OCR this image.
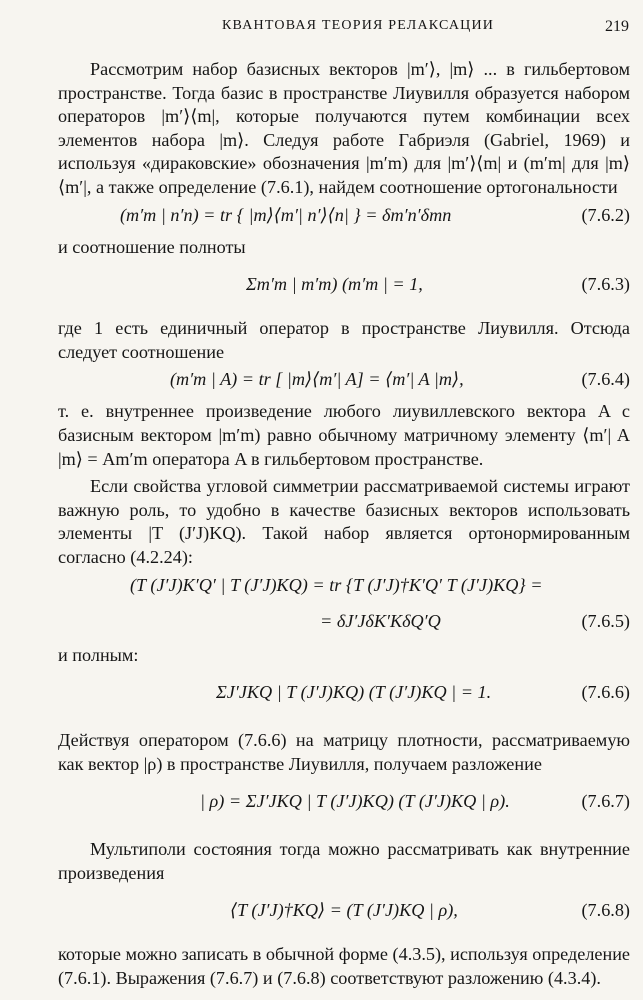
КВАНТОВАЯ ТЕОРИЯ РЕЛАКСАЦИИ	219

Рассмотрим набор базисных векторов |m′⟩, |m⟩ ... в гильбертовом пространстве. Тогда базис в пространстве Лиувилля образуется набором операторов |m′⟩⟨m|, которые получаются путем комбинации всех элементов набора |m⟩. Следуя работе Габриэля (Gabriel, 1969) и используя «дираковские» обозначения |m′m) для |m′⟩⟨m| и (m′m| для |m⟩⟨m′|, а также определение (7.6.1), найдем соотношение ортогональности

(m′m | n′n) = tr { |m⟩⟨m′| n′⟩⟨n| } = δm′n′δmn	(7.6.2)

и соотношение полноты

Σm′m | m′m) (m′m | = 1,	(7.6.3)

где 1 есть единичный оператор в пространстве Лиувилля. Отсюда следует соотношение

(m′m | A) = tr [ |m⟩⟨m′| A] = ⟨m′| A |m⟩,	(7.6.4)

т. е. внутреннее произведение любого лиувиллевского вектора A с базисным вектором |m′m) равно обычному матричному элементу ⟨m′| A |m⟩ = Am′m оператора A в гильбертовом пространстве.

Если свойства угловой симметрии рассматриваемой системы играют важную роль, то удобно в качестве базисных векторов использовать элементы |T (J′J)KQ). Такой набор является ортонормированным согласно (4.2.24):

(T (J′J)K′Q′ | T (J′J)KQ) = tr {T (J′J)†K′Q′ T (J′J)KQ} =
= δJ′JδK′KδQ′Q	(7.6.5)

и полным:

ΣJ′JKQ | T (J′J)KQ) (T (J′J)KQ | = 1.	(7.6.6)

Действуя оператором (7.6.6) на матрицу плотности, рассматриваемую как вектор |ρ) в пространстве Лиувилля, получаем разложение

| ρ) = ΣJ′JKQ | T (J′J)KQ) (T (J′J)KQ | ρ).	(7.6.7)

Мультиполи состояния тогда можно рассматривать как внутренние произведения

⟨T (J′J)†KQ⟩ = (T (J′J)KQ | ρ),	(7.6.8)

которые можно записать в обычной форме (4.3.5), используя определение (7.6.1). Выражения (7.6.7) и (7.6.8) соответствуют разложению (4.3.4).
